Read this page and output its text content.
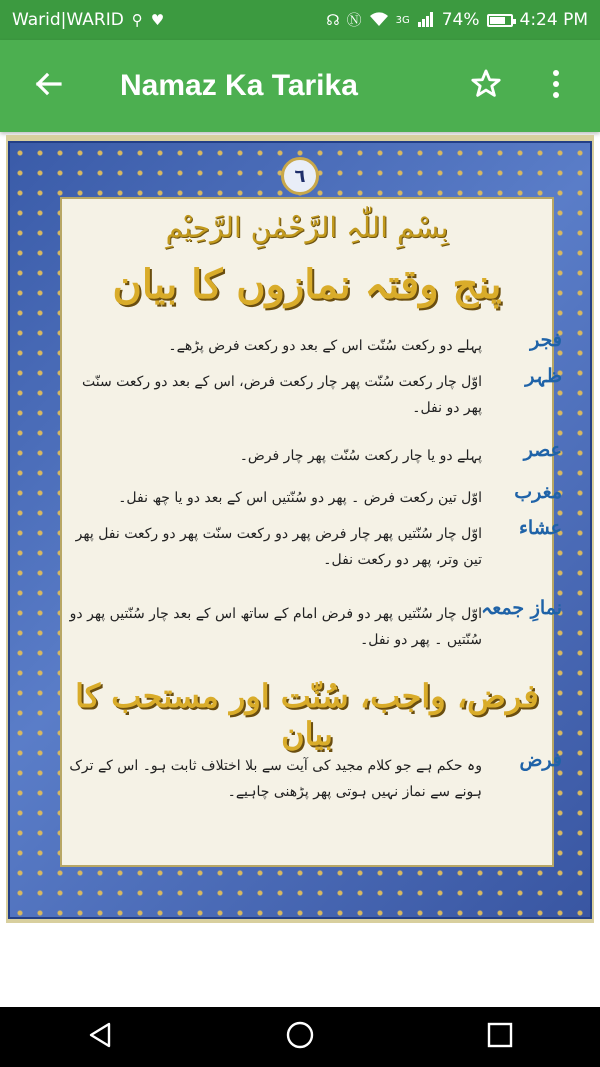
Warid|WARID ⚲ ♥	☊ Ⓝ	3G 74% 4:24 PM
Namaz Ka Tarika
٦
بِسْمِ اللّٰہِ الرَّحْمٰنِ الرَّحِیْمِ
پنج وقتہ نمازوں کا بیان
فجر
پہلے دو رکعت سُنّت اس کے بعد دو رکعت فرض پڑھے۔
ظہر
اوّل چار رکعت سُنّت پھر چار رکعت فرض، اس کے بعد دو رکعت سنّت پھر دو نفل۔
عصر
پہلے دو یا چار رکعت سُنّت پھر چار فرض۔
مغرب
اوّل تین رکعت فرض ۔ پھر دو سُنّتیں اس کے بعد دو یا چھ نفل۔
عشاء
اوّل چار سُنّتیں پھر چار فرض پھر دو رکعت سنّت پھر دو رکعت نفل پھر تین وتر، پھر دو رکعت نفل۔
نمازِ جمعہ
اوّل چار سُنّتیں پھر دو فرض امام کے ساتھ اس کے بعد چار سُنّتیں پھر دو سُنّتیں ۔ پھر دو نفل۔
فرض، واجب، سُنّت اور مستحب کا بیان
فرض
وہ حکم ہے جو کلام مجید کی آیت سے بلا اختلاف ثابت ہو۔ اس کے ترک ہونے سے نماز نہیں ہوتی پھر پڑھنی چاہیے۔
